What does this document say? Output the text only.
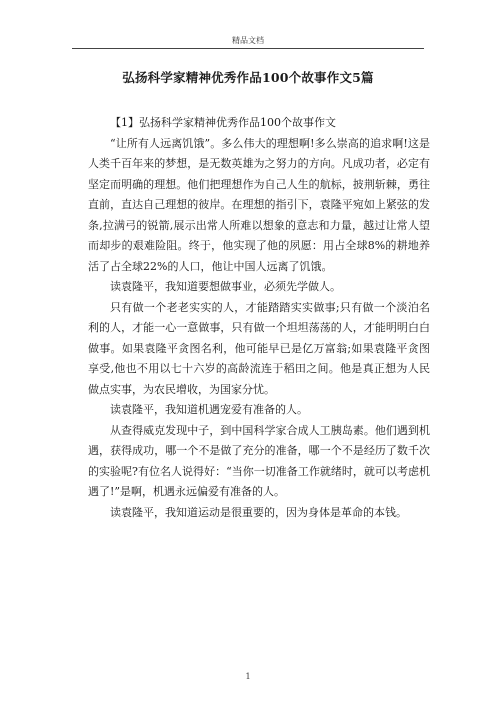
精品文档
弘扬科学家精神优秀作品100个故事作文5篇

【1】弘扬科学家精神优秀作品100个故事作文

“让所有人远离饥饿”。多么伟大的理想啊!多么崇高的追求啊!这是人类千百年来的梦想，是无数英雄为之努力的方向。凡成功者，必定有坚定而明确的理想。他们把理想作为自己人生的航标，披荆斩棘，勇往直前，直达自己理想的彼岸。在理想的指引下，袁隆平宛如上紧弦的发条,拉满弓的锐箭,展示出常人所难以想象的意志和力量，越过让常人望而却步的艰难险阻。终于，他实现了他的夙愿：用占全球8%的耕地养活了占全球22%的人口，他让中国人远离了饥饿。

读袁隆平，我知道要想做事业，必须先学做人。

只有做一个老老实实的人，才能踏踏实实做事;只有做一个淡泊名利的人，才能一心一意做事，只有做一个坦坦荡荡的人，才能明明白白做事。如果袁隆平贪图名利，他可能早已是亿万富翁;如果袁隆平贪图享受,他也不用以七十六岁的高龄流连于稻田之间。他是真正想为人民做点实事，为农民增收，为国家分忧。

读袁隆平，我知道机遇宠爱有准备的人。

从查得威克发现中子，到中国科学家合成人工胰岛素。他们遇到机遇，获得成功，哪一个不是做了充分的准备，哪一个不是经历了数千次的实验呢?有位名人说得好：“当你一切准备工作就绪时，就可以考虑机遇了!”是啊，机遇永远偏爱有准备的人。

读袁隆平，我知道运动是很重要的，因为身体是革命的本钱。

1
